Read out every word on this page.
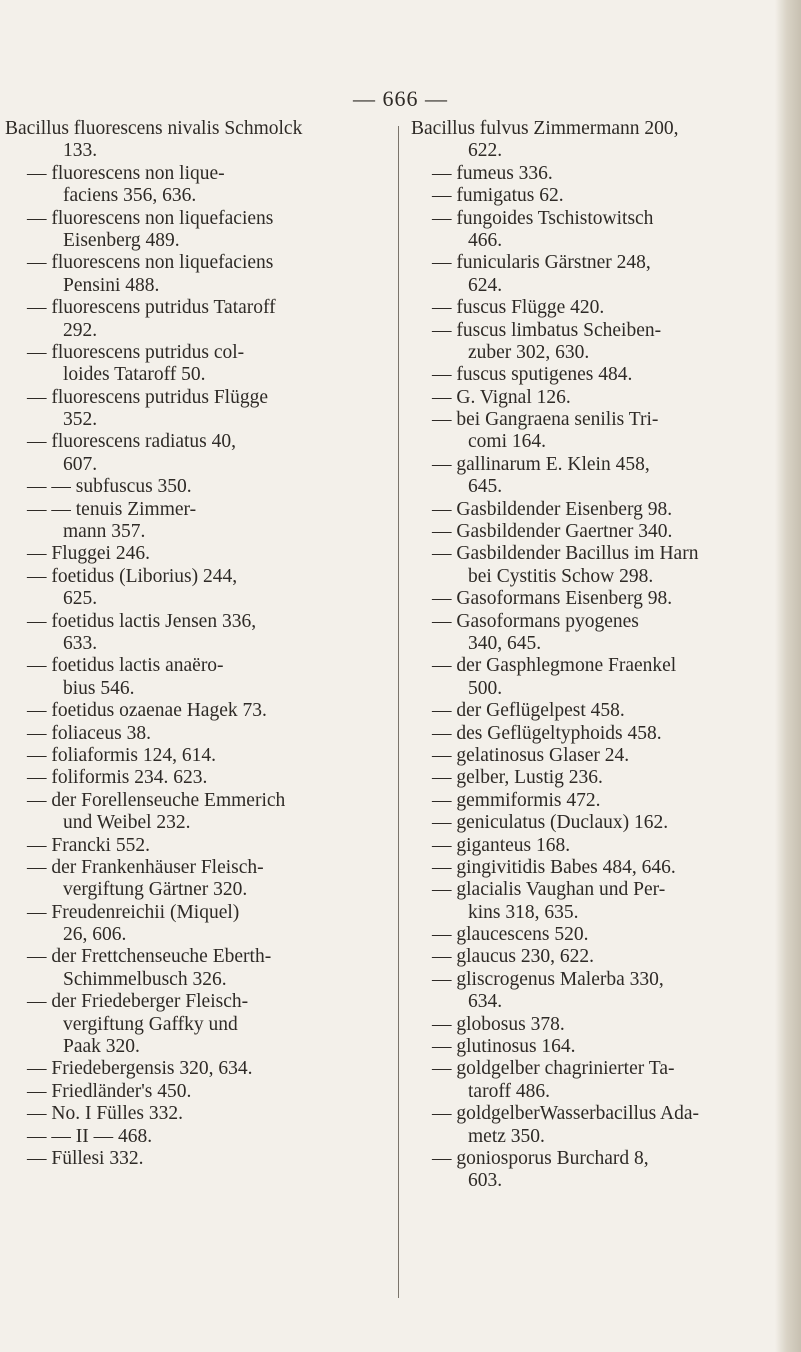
— 666 —
Bacillus fluorescens nivalis Schmolck
133.
— fluorescens non lique-
faciens 356, 636.
— fluorescens non liquefaciens
Eisenberg 489.
— fluorescens non liquefaciens
Pensini 488.
— fluorescens putridus Tataroff
292.
— fluorescens putridus col-
loides Tataroff 50.
— fluorescens putridus Flügge
352.
— fluorescens radiatus 40,
607.
— — subfuscus 350.
— — tenuis Zimmer-
mann 357.
— Fluggei 246.
— foetidus (Liborius) 244,
625.
— foetidus lactis Jensen 336,
633.
— foetidus lactis anaëro-
bius 546.
— foetidus ozaenae Hagek 73.
— foliaceus 38.
— foliaformis 124, 614.
— foliformis 234. 623.
— der Forellenseuche Emmerich
und Weibel 232.
— Francki 552.
— der Frankenhäuser Fleisch-
vergiftung Gärtner 320.
— Freudenreichii (Miquel)
26, 606.
— der Frettchenseuche Eberth-
Schimmelbusch 326.
— der Friedeberger Fleisch-
vergiftung Gaffky und
Paak 320.
— Friedebergensis 320, 634.
— Friedländer's 450.
— No. I Fülles 332.
— — II — 468.
— Füllesi 332.
Bacillus fulvus Zimmermann 200,
622.
— fumeus 336.
— fumigatus 62.
— fungoides Tschistowitsch
466.
— funicularis Gärstner 248,
624.
— fuscus Flügge 420.
— fuscus limbatus Scheiben-
zuber 302, 630.
— fuscus sputigenes 484.
— G. Vignal 126.
— bei Gangraena senilis Tri-
comi 164.
— gallinarum E. Klein 458,
645.
— Gasbildender Eisenberg 98.
— Gasbildender Gaertner 340.
— Gasbildender Bacillus im Harn
bei Cystitis Schow 298.
— Gasoformans Eisenberg 98.
— Gasoformans pyogenes
340, 645.
— der Gasphlegmone Fraenkel
500.
— der Geflügelpest 458.
— des Geflügeltyphoids 458.
— gelatinosus Glaser 24.
— gelber, Lustig 236.
— gemmiformis 472.
— geniculatus (Duclaux) 162.
— giganteus 168.
— gingivitidis Babes 484, 646.
— glacialis Vaughan und Per-
kins 318, 635.
— glaucescens 520.
— glaucus 230, 622.
— gliscrogenus Malerba 330,
634.
— globosus 378.
— glutinosus 164.
— goldgelber chagrinierter Ta-
taroff 486.
— goldgelberWasserbacillus Ada-
metz 350.
— goniosporus Burchard 8,
603.
